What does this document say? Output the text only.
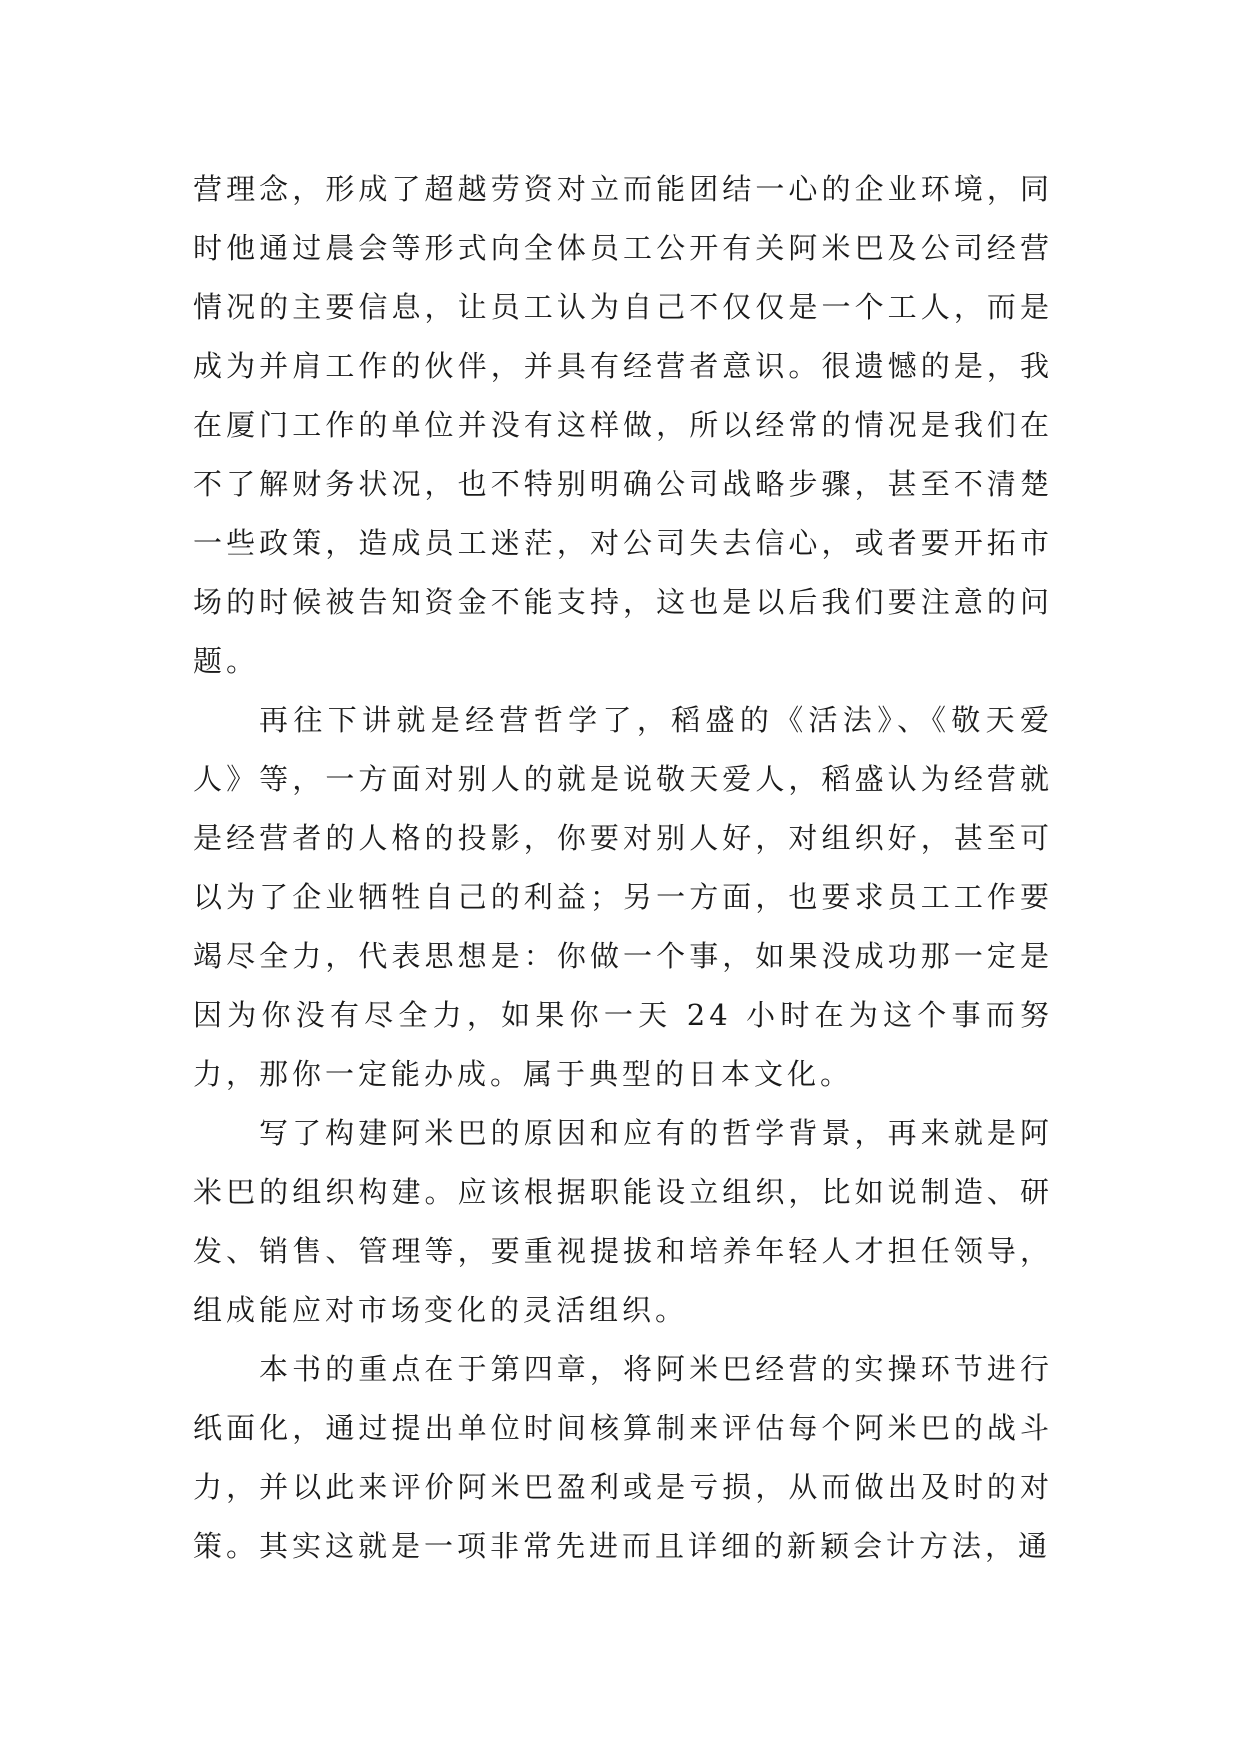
营理念，形成了超越劳资对立而能团结一心的企业环境，同时他通过晨会等形式向全体员工公开有关阿米巴及公司经营情况的主要信息，让员工认为自己不仅仅是一个工人，而是成为并肩工作的伙伴，并具有经营者意识。很遗憾的是，我在厦门工作的单位并没有这样做，所以经常的情况是我们在不了解财务状况，也不特别明确公司战略步骤，甚至不清楚一些政策，造成员工迷茫，对公司失去信心，或者要开拓市场的时候被告知资金不能支持，这也是以后我们要注意的问题。

再往下讲就是经营哲学了，稻盛的《活法》、《敬天爱人》等，一方面对别人的就是说敬天爱人，稻盛认为经营就是经营者的人格的投影，你要对别人好，对组织好，甚至可以为了企业牺牲自己的利益；另一方面，也要求员工工作要竭尽全力，代表思想是：你做一个事，如果没成功那一定是因为你没有尽全力，如果你一天 24 小时在为这个事而努力，那你一定能办成。属于典型的日本文化。

写了构建阿米巴的原因和应有的哲学背景，再来就是阿米巴的组织构建。应该根据职能设立组织，比如说制造、研发、销售、管理等，要重视提拔和培养年轻人才担任领导，组成能应对市场变化的灵活组织。

本书的重点在于第四章，将阿米巴经营的实操环节进行纸面化，通过提出单位时间核算制来评估每个阿米巴的战斗力，并以此来评价阿米巴盈利或是亏损，从而做出及时的对策。其实这就是一项非常先进而且详细的新颖会计方法，通
